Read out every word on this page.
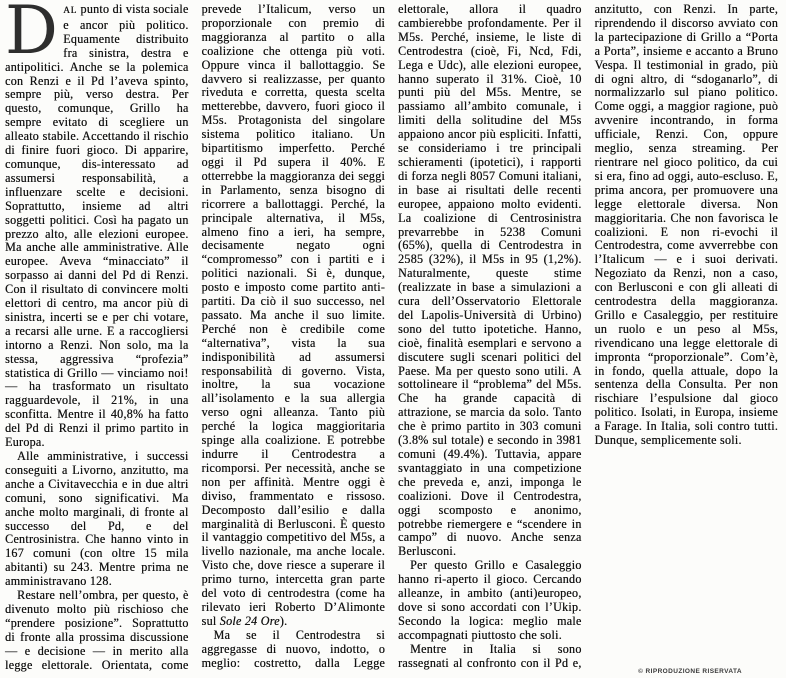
DAL punto di vista sociale e ancor più politico. Equamente distribuito fra sinistra, destra e antipolitici. Anche se la polemica con Renzi e il Pd l’aveva spinto, sempre più, verso destra. Per questo, comunque, Grillo ha sempre evitato di scegliere un alleato stabile. Accettando il rischio di finire fuori gioco. Di apparire, comunque, dis-interessato ad assumersi responsabilità, a influenzare scelte e decisioni. Soprattutto, insieme ad altri soggetti politici. Così ha pagato un prezzo alto, alle elezioni europee. Ma anche alle amministrative. Alle europee. Aveva “minacciato” il sorpasso ai danni del Pd di Renzi. Con il risultato di convincere molti elettori di centro, ma ancor più di sinistra, incerti se e per chi votare, a recarsi alle urne. E a raccogliersi intorno a Renzi. Non solo, ma la stessa, aggressiva “profezia” statistica di Grillo — vinciamo noi! — ha trasformato un risultato ragguardevole, il 21%, in una sconfitta. Mentre il 40,8% ha fatto del Pd di Renzi il primo partito in Europa.

Alle amministrative, i successi conseguiti a Livorno, anzitutto, ma anche a Civitavecchia e in due altri comuni, sono significativi. Ma anche molto marginali, di fronte al successo del Pd, e del Centrosinistra. Che hanno vinto in 167 comuni (con oltre 15 mila abitanti) su 243. Mentre prima ne amministravano 128.

Restare nell’ombra, per questo, è divenuto molto più rischioso che “prendere posizione”. Soprattutto di fronte alla prossima discussione — e decisione — in merito alla legge elettorale. Orientata, come prevede l’Italicum, verso un proporzionale con premio di maggioranza al partito o alla coalizione che ottenga più voti. Oppure vinca il ballottaggio. Se davvero si realizzasse, per quanto riveduta e corretta, questa scelta metterebbe, davvero, fuori gioco il M5s. Protagonista del singolare sistema politico italiano. Un bipartitismo imperfetto. Perché oggi il Pd supera il 40%. E otterrebbe la maggioranza dei seggi in Parlamento, senza bisogno di ricorrere a ballottaggi. Perché, la principale alternativa, il M5s, almeno fino a ieri, ha sempre, decisamente negato ogni “compromesso” con i partiti e i politici nazionali. Si è, dunque, posto e imposto come partito anti-partiti. Da ciò il suo successo, nel passato. Ma anche il suo limite. Perché non è credibile come “alternativa”, vista la sua indisponibilità ad assumersi responsabilità di governo. Vista, inoltre, la sua vocazione all’isolamento e la sua allergia verso ogni alleanza. Tanto più perché la logica maggioritaria spinge alla coalizione. E potrebbe indurre il Centrodestra a ricomporsi. Per necessità, anche se non per affinità. Mentre oggi è diviso, frammentato e rissoso. Decomposto dall’esilio e dalla marginalità di Berlusconi. È questo il vantaggio competitivo del M5s, a livello nazionale, ma anche locale. Visto che, dove riesce a superare il primo turno, intercetta gran parte del voto di centrodestra (come ha rilevato ieri Roberto D’Alimonte sul Sole 24 Ore).

Ma se il Centrodestra si aggregasse di nuovo, indotto, o meglio: costretto, dalla Legge elettorale, allora il quadro cambierebbe profondamente. Per il M5s. Perché, insieme, le liste di Centrodestra (cioè, Fi, Ncd, Fdi, Lega e Udc), alle elezioni europee, hanno superato il 31%. Cioè, 10 punti più del M5s. Mentre, se passiamo all’ambito comunale, i limiti della solitudine del M5s appaiono ancor più espliciti. Infatti, se consideriamo i tre principali schieramenti (ipotetici), i rapporti di forza negli 8057 Comuni italiani, in base ai risultati delle recenti europee, appaiono molto evidenti. La coalizione di Centrosinistra prevarrebbe in 5238 Comuni (65%), quella di Centrodestra in 2585 (32%), il M5s in 95 (1,2%). Naturalmente, queste stime (realizzate in base a simulazioni a cura dell’Osservatorio Elettorale del Lapolis-Università di Urbino) sono del tutto ipotetiche. Hanno, cioè, finalità esemplari e servono a discutere sugli scenari politici del Paese. Ma per questo sono utili. A sottolineare il “problema” del M5s. Che ha grande capacità di attrazione, se marcia da solo. Tanto che è primo partito in 303 comuni (3.8% sul totale) e secondo in 3981 comuni (49.4%). Tuttavia, appare svantaggiato in una competizione che preveda e, anzi, imponga le coalizioni. Dove il Centrodestra, oggi scomposto e anonimo, potrebbe riemergere e “scendere in campo” di nuovo. Anche senza Berlusconi.

Per questo Grillo e Casaleggio hanno ri-aperto il gioco. Cercando alleanze, in ambito (anti)europeo, dove si sono accordati con l’Ukip. Secondo la logica: meglio male accompagnati piuttosto che soli.

Mentre in Italia si sono rassegnati al confronto con il Pd e, anzitutto, con Renzi. In parte, riprendendo il discorso avviato con la partecipazione di Grillo a “Porta a Porta”, insieme e accanto a Bruno Vespa. Il testimonial in grado, più di ogni altro, di “sdoganarlo”, di normalizzarlo sul piano politico. Come oggi, a maggior ragione, può avvenire incontrando, in forma ufficiale, Renzi. Con, oppure meglio, senza streaming. Per rientrare nel gioco politico, da cui si era, fino ad oggi, auto-escluso. E, prima ancora, per promuovere una legge elettorale diversa. Non maggioritaria. Che non favorisca le coalizioni. E non ri-evochi il Centrodestra, come avverrebbe con l’Italicum — e i suoi derivati. Negoziato da Renzi, non a caso, con Berlusconi e con gli alleati di centrodestra della maggioranza. Grillo e Casaleggio, per restituire un ruolo e un peso al M5s, rivendicano una legge elettorale di impronta “proporzionale”. Com’è, in fondo, quella attuale, dopo la sentenza della Consulta. Per non rischiare l’espulsione dal gioco politico. Isolati, in Europa, insieme a Farage. In Italia, soli contro tutti. Dunque, semplicemente soli.

© RIPRODUZIONE RISERVATA
